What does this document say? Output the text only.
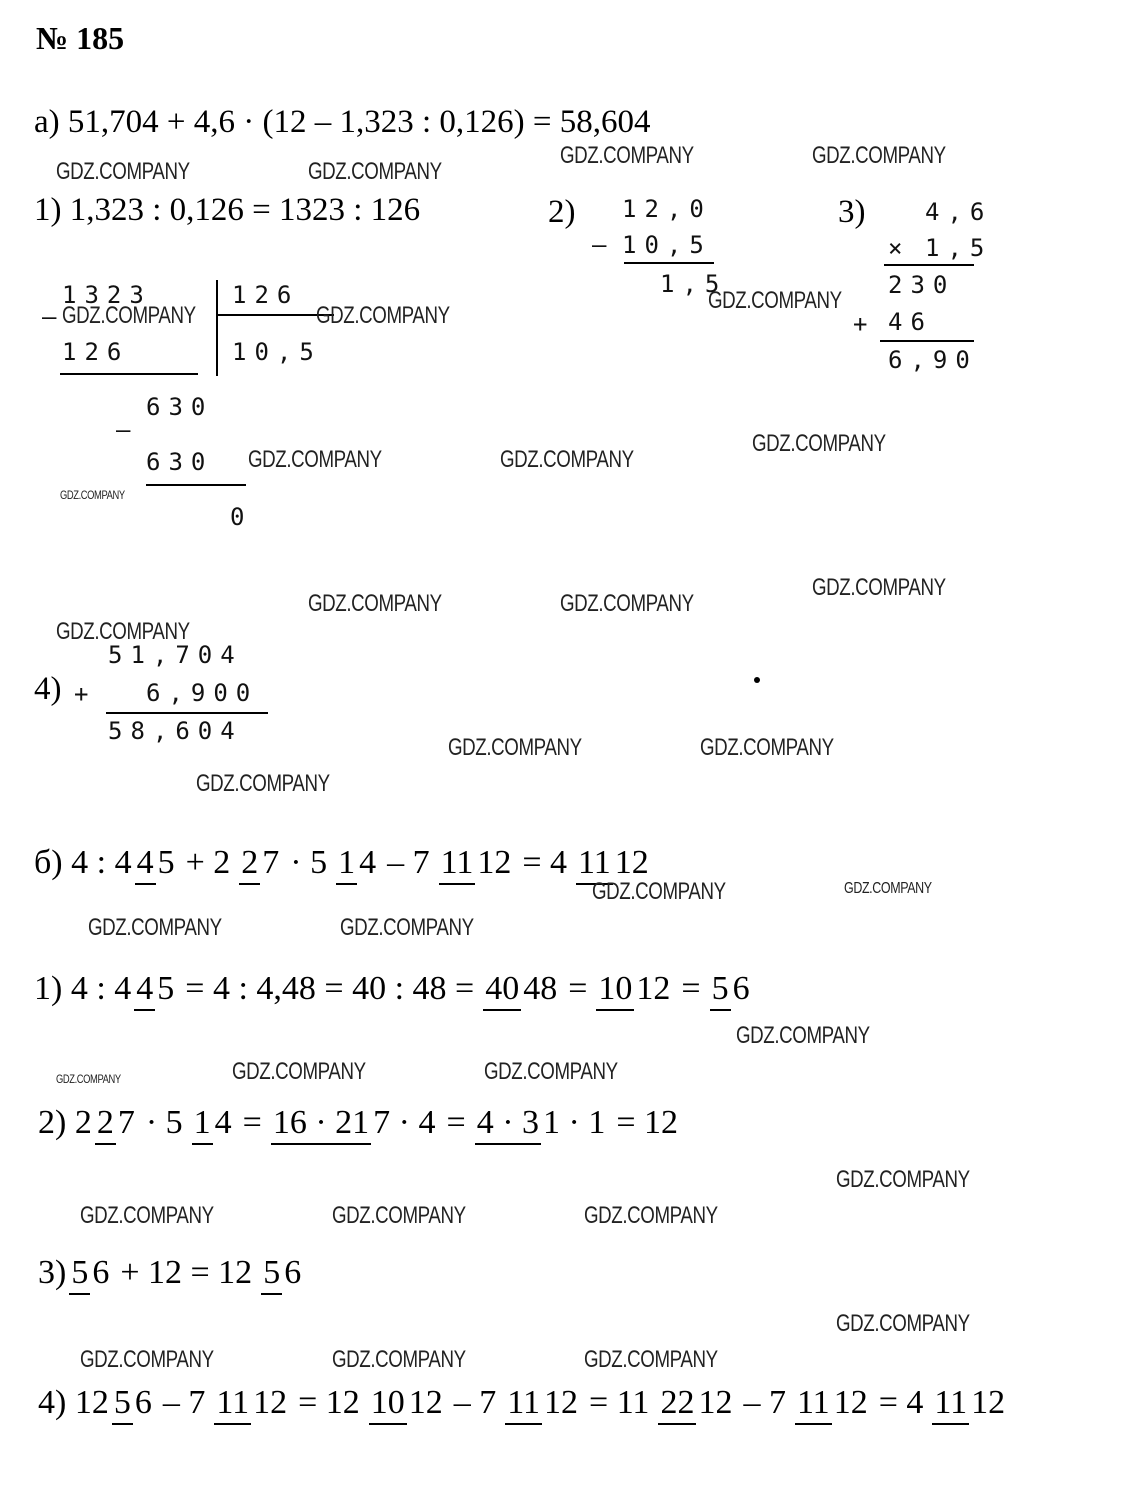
№ 185
а) 51,704 + 4,6 · (12 – 1,323 : 0,126) = 58,604
1) 1,323 : 0,126 = 1323 : 126
1323	126
–
10,5
126
630
–
630
0
2) 12,0
– 10,5
1,5
3) 4,6
× 1,5
230
+ 46
6,90
51,704
4) + 6,900
58,604
б) 4 : 4 4 5 + 2 2 7 · 5 1 4 – 7 11 12 = 4 11 12
1) 4 : 4 4 5 = 4 : 4,48 = 40 : 48 = 40 48 = 10 12 = 5 6
2) 2 2 7 · 5 1 4 = 16 · 21 7 · 4 = 4 · 3 1 · 1 = 12
3) 5 6 + 12 = 12 5 6
4) 12 5 6 – 7 11 12 = 12 10 12 – 7 11 12 = 11 22 12 – 7 11 12 = 4 11 12
GDZ.COMPANY	GDZ.COMPANY
GDZ.COMPANY	GDZ.COMPANY
GDZ.COMPANY	GDZ.COMPANY
GDZ.COMPANY
GDZ.COMPANY
GDZ.COMPANY	GDZ.COMPANY
GDZ.COMPANY
GDZ.COMPANY
GDZ.COMPANY	GDZ.COMPANY
GDZ.COMPANY
GDZ.COMPANY	GDZ.COMPANY
GDZ.COMPANY
GDZ.COMPANY	GDZ.COMPANY
GDZ.COMPANY	GDZ.COMPANY
GDZ.COMPANY
GDZ.COMPANY	GDZ.COMPANY	GDZ.COMPANY
GDZ.COMPANY
GDZ.COMPANY	GDZ.COMPANY	GDZ.COMPANY
GDZ.COMPANY
GDZ.COMPANY	GDZ.COMPANY	GDZ.COMPANY
